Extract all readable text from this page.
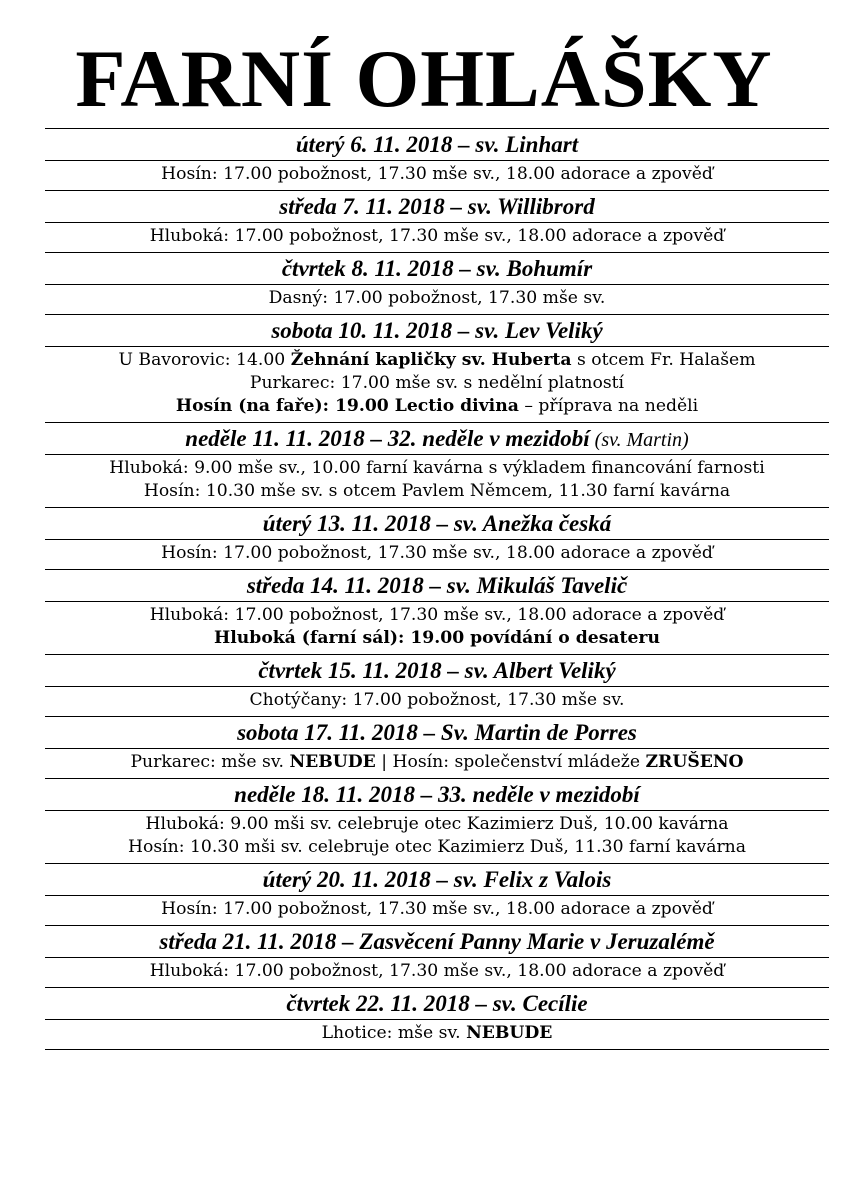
FARNÍ OHLÁŠKY
úterý 6. 11. 2018 – sv. Linhart
Hosín: 17.00 pobožnost, 17.30 mše sv., 18.00 adorace a zpověď
středa 7. 11. 2018 – sv. Willibrord
Hluboká: 17.00 pobožnost, 17.30 mše sv., 18.00 adorace a zpověď
čtvrtek 8. 11. 2018 – sv. Bohumír
Dasný: 17.00 pobožnost, 17.30 mše sv.
sobota 10. 11. 2018 – sv. Lev Veliký
U Bavorovic: 14.00 Žehnání kapličky sv. Huberta s otcem Fr. Halašem
Purkarec: 17.00 mše sv. s nedělní platností
Hosín (na faře): 19.00 Lectio divina – příprava na neděli
neděle 11. 11. 2018 – 32. neděle v mezidobí (sv. Martin)
Hluboká: 9.00 mše sv., 10.00 farní kavárna s výkladem financování farnosti
Hosín: 10.30 mše sv. s otcem Pavlem Němcem, 11.30 farní kavárna
úterý 13. 11. 2018 – sv. Anežka česká
Hosín: 17.00 pobožnost, 17.30 mše sv., 18.00 adorace a zpověď
středa 14. 11. 2018 – sv. Mikuláš Tavelič
Hluboká: 17.00 pobožnost, 17.30 mše sv., 18.00 adorace a zpověď
Hluboká (farní sál): 19.00 povídání o desateru
čtvrtek 15. 11. 2018 – sv. Albert Veliký
Chotýčany: 17.00 pobožnost, 17.30 mše sv.
sobota 17. 11. 2018 – Sv. Martin de Porres
Purkarec: mše sv. NEBUDE | Hosín: společenství mládeže ZRUŠENO
neděle 18. 11. 2018 – 33. neděle v mezidobí
Hluboká: 9.00 mši sv. celebruje otec Kazimierz Duš, 10.00 kavárna
Hosín: 10.30 mši sv. celebruje otec Kazimierz Duš, 11.30 farní kavárna
úterý 20. 11. 2018 – sv. Felix z Valois
Hosín: 17.00 pobožnost, 17.30 mše sv., 18.00 adorace a zpověď
středa 21. 11. 2018 – Zasvěcení Panny Marie v Jeruzalémě
Hluboká: 17.00 pobožnost, 17.30 mše sv., 18.00 adorace a zpověď
čtvrtek 22. 11. 2018 – sv. Cecílie
Lhotice: mše sv. NEBUDE
